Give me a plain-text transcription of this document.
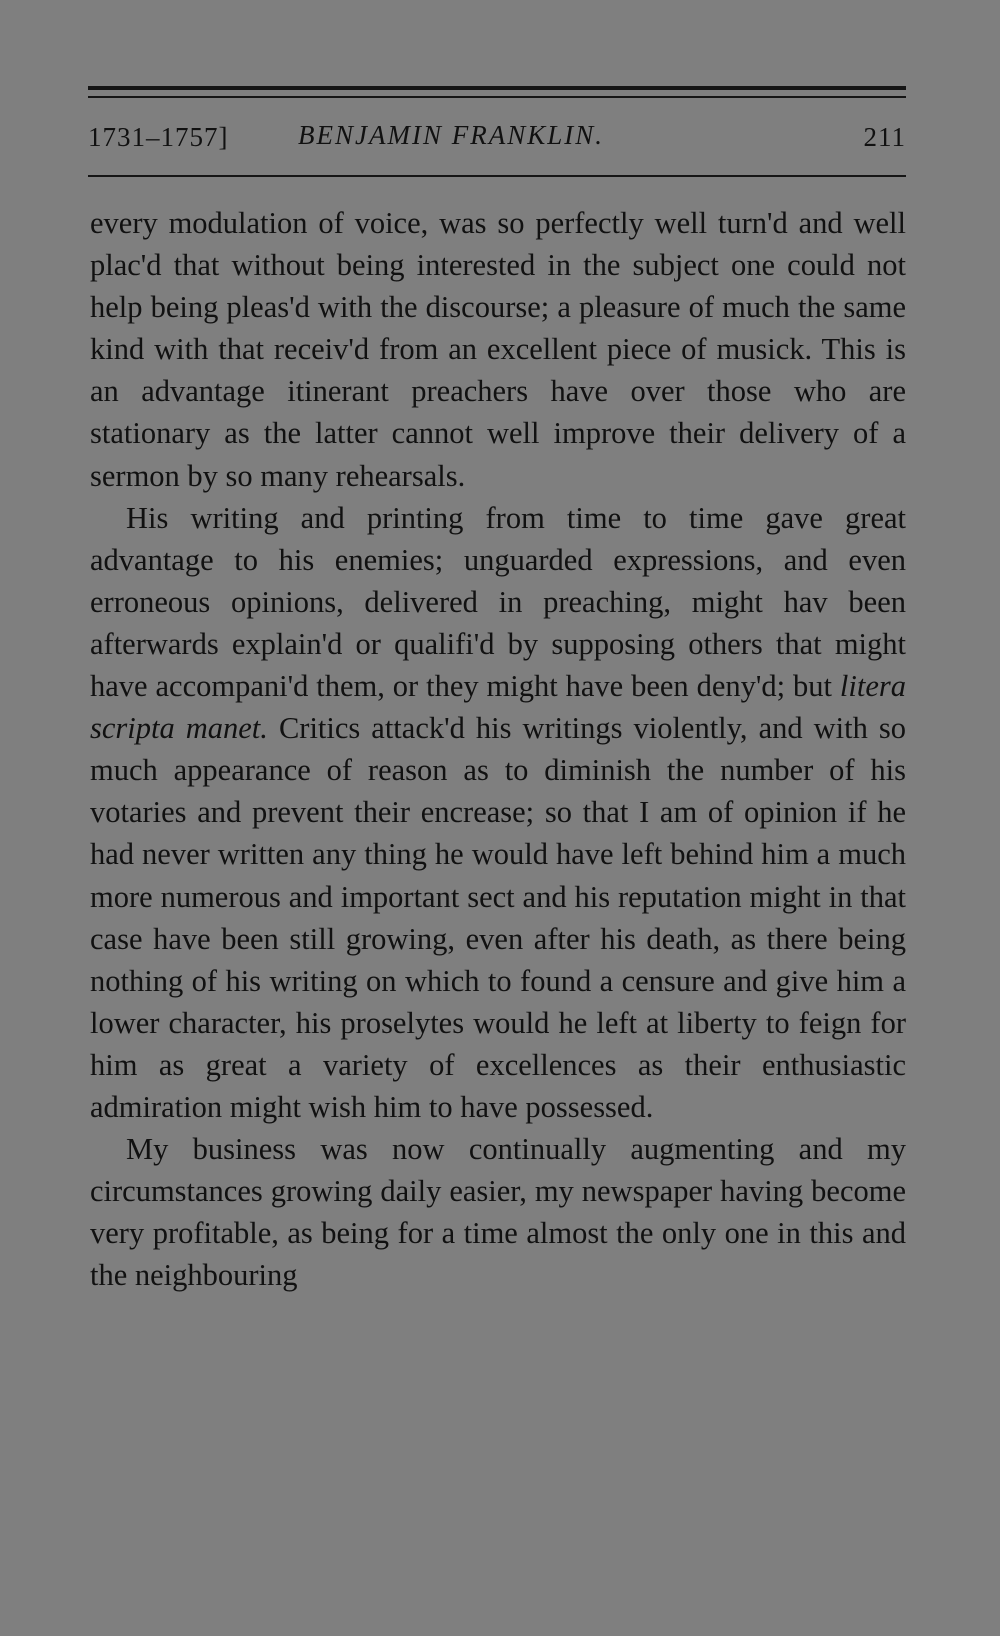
1731–1757]	BENJAMIN FRANKLIN.	211

every modulation of voice, was so perfectly well turn'd and well plac'd that without being interested in the subject one could not help being pleas'd with the discourse; a pleasure of much the same kind with that receiv'd from an excellent piece of musick. This is an advantage itinerant preachers have over those who are stationary as the latter cannot well improve their delivery of a sermon by so many rehearsals.

His writing and printing from time to time gave great advantage to his enemies; unguarded expressions, and even erroneous opinions, delivered in preaching, might hav been afterwards explain'd or qualifi'd by supposing others that might have accompani'd them, or they might have been deny'd; but litera scripta manet. Critics attack'd his writings violently, and with so much appearance of reason as to diminish the number of his votaries and prevent their encrease; so that I am of opinion if he had never written any thing he would have left behind him a much more numerous and important sect and his reputation might in that case have been still growing, even after his death, as there being nothing of his writing on which to found a censure and give him a lower character, his proselytes would he left at liberty to feign for him as great a variety of excellences as their enthusiastic admiration might wish him to have possessed.

My business was now continually augmenting and my circumstances growing daily easier, my newspaper having become very profitable, as being for a time almost the only one in this and the neighbouring
